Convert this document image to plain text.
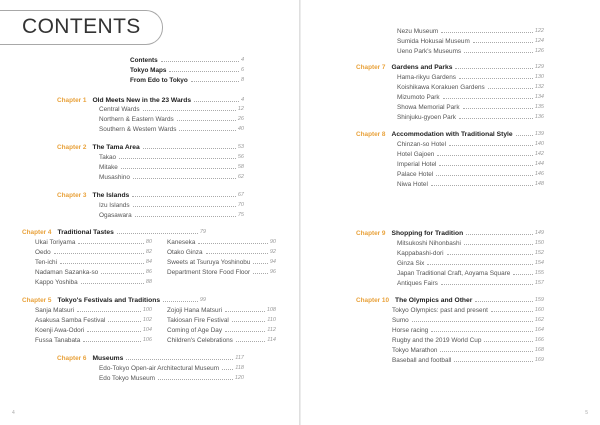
CONTENTS
Contents	4
Tokyo Maps	6
From Edo to Tokyo	8
Chapter 1 Old Meets New in the 23 Wards	4
Central Wards	12
Northern & Eastern Wards	26
Southern & Western Wards	40
Chapter 2 The Tama Area	53
Takao	56
Mitake	58
Musashino	62
Chapter 3 The Islands	67
Izu Islands	70
Ogasawara	75
Chapter 4 Traditional Tastes	79
Ukai Toriyama	80
Oedo	82
Ten-ichi	84
Nadaman Sazanka-so	86
Kappo Yoshiba	88
Kaneseka	90
Otako Ginza	92
Sweets at Tsuruya Yoshinobu	94
Department Store Food Floor	96
Chapter 5 Tokyo's Festivals and Traditions	99
Sanja Matsuri	100
Asakusa Samba Festival	102
Koenji Awa-Odori	104
Fussa Tanabata	106
Zojoji Hana Matsuri	108
Takiosan Fire Festival	110
Coming of Age Day	112
Children's Celebrations	114
Chapter 6 Museums	117
Edo-Tokyo Open-air Architectural Museum	118
Edo Tokyo Museum	120
4
Nezu Museum	122
Sumida Hokusai Museum	124
Ueno Park's Museums	126
Chapter 7 Gardens and Parks	129
Hama-rikyu Gardens	130
Koishikawa Korakuen Gardens	132
Mizumoto Park	134
Showa Memorial Park	135
Shinjuku-gyoen Park	136
Chapter 8 Accommodation with Traditional Style	139
Chinzan-so Hotel	140
Hotel Gajoen	142
Imperial Hotel	144
Palace Hotel	146
Niwa Hotel	148
Chapter 9 Shopping for Tradition	149
Mitsukoshi Nihonbashi	150
Kappabashi-dori	152
Ginza Six	154
Japan Traditional Craft, Aoyama Square	155
Antiques Fairs	157
Chapter 10 The Olympics and Other	159
Tokyo Olympics: past and present	160
Sumo	162
Horse racing	164
Rugby and the 2019 World Cup	166
Tokyo Marathon	168
Baseball and football	169
5
